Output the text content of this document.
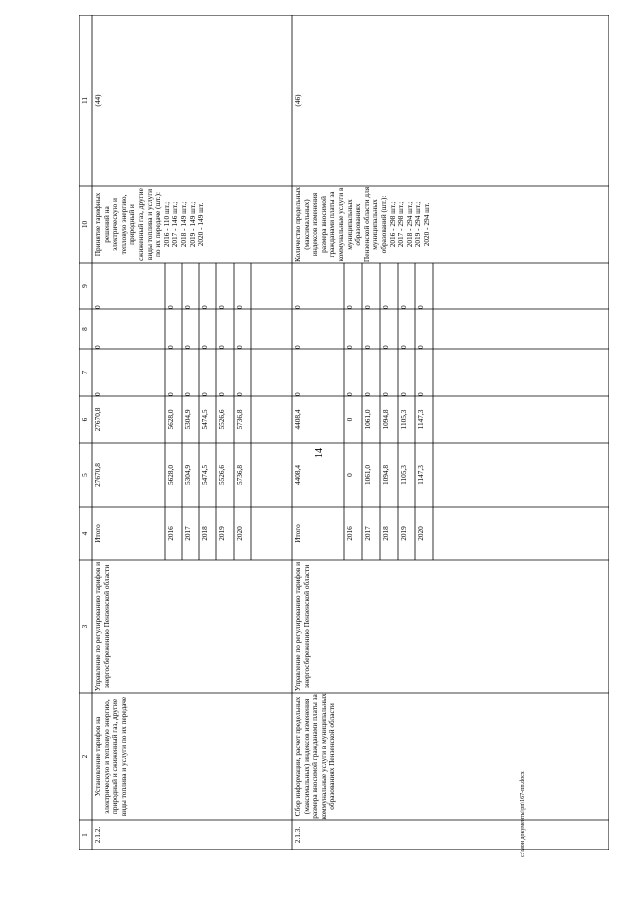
14
1
2
3
4
5
6
7
8
9
10
11
2.1.2.
Установление тарифов на электрическую и тепловую энергию, природный и сжиженный газ, другие виды топлива и услуги по их передаче
Управление по регулированию тарифов и энергосбережению Пензенской области
Итого
27670,8
27670,8
0
0
0
2016
5628,0
5628,0
0
0
0
2017
5304,9
5304,9
0
0
0
2018
5474,5
5474,5
0
0
0
2019
5526,6
5526,6
0
0
0
2020
5736,8
5736,8
0
0
0
Принятие тарифных решений на электрическую и тепловую энергию, природный и сжиженный газ, другие виды топлива и услуги по их передаче (шт.):
2016 - 110 шт.;
2017 - 146 шт.;
2018 - 149 шт.;
2019 - 149 шт.;
2020 - 149 шт.
(44)
2.1.3.
Сбор информации, расчет предельных (максимальных) индексов изменения размера вносимой гражданами платы за коммунальные услуги в муниципальных образованиях Пензенской области
Управление по регулированию тарифов и энергосбережению Пензенской области
Итого
4408,4
4408,4
0
0
0
2016
0
0
0
0
0
2017
1061,0
1061,0
0
0
0
2018
1094,8
1094,8
0
0
0
2019
1105,3
1105,3
0
0
0
2020
1147,3
1147,3
0
0
0
Количество предельных (максимальных) индексов изменения размера вносимой гражданами платы за коммунальные услуги в муниципальных образованиях Пензенской области для муниципальных образований (шт.):
2016 - 298 шт.;
2017 - 298 шт.;
2018 - 294 шт.;
2019 - 294 шт.;
2020 - 294 шт.
(46)
c:\мои документы\рп\167-пп.docx
